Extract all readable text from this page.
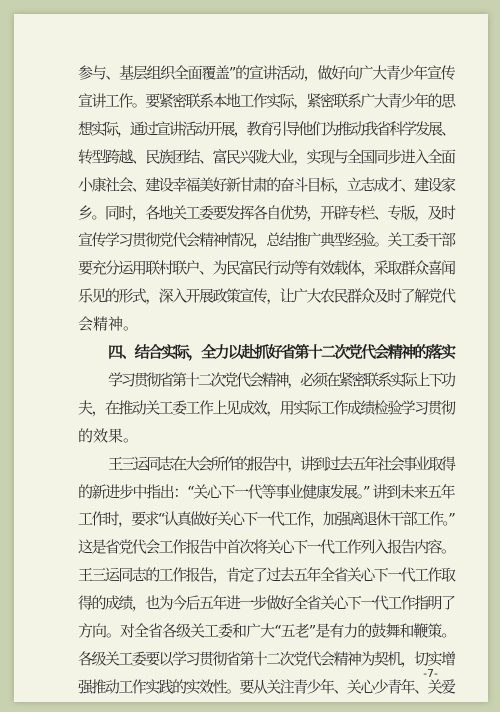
参与、基层组织全面覆盖”的宣讲活动，做好向广大青少年宣传
宣讲工作。要紧密联系本地工作实际，紧密联系广大青少年的思
想实际，通过宣讲活动开展，教育引导他们为推动我省科学发展、
转型跨越、民族团结、富民兴陇大业，实现与全国同步进入全面
小康社会、建设幸福美好新甘肃的奋斗目标，立志成才、建设家
乡。同时，各地关工委要发挥各自优势，开辟专栏、专版，及时
宣传学习贯彻党代会精神情况，总结推广典型经验。关工委干部
要充分运用联村联户、为民富民行动等有效载体，采取群众喜闻
乐见的形式，深入开展政策宣传，让广大农民群众及时了解党代
会精神。
四、结合实际，全力以赴抓好省第十二次党代会精神的落实
学习贯彻省第十二次党代会精神，必须在紧密联系实际上下功
夫，在推动关工委工作上见成效，用实际工作成绩检验学习贯彻
的效果。
王三运同志在大会所作的报告中，讲到过去五年社会事业取得
的新进步中指出：“关心下一代等事业健康发展。” 讲到未来五年
工作时，要求“认真做好关心下一代工作，加强离退休干部工作。”
这是省党代会工作报告中首次将关心下一代工作列入报告内容。
王三运同志的工作报告，肯定了过去五年全省关心下一代工作取
得的成绩，也为今后五年进一步做好全省关心下一代工作指明了
方向。对全省各级关工委和广大“五老”是有力的鼓舞和鞭策。
各级关工委要以学习贯彻省第十二次党代会精神为契机，切实增
强推动工作实践的实效性。要从关注青少年、关心少青年、关爱
-7-
